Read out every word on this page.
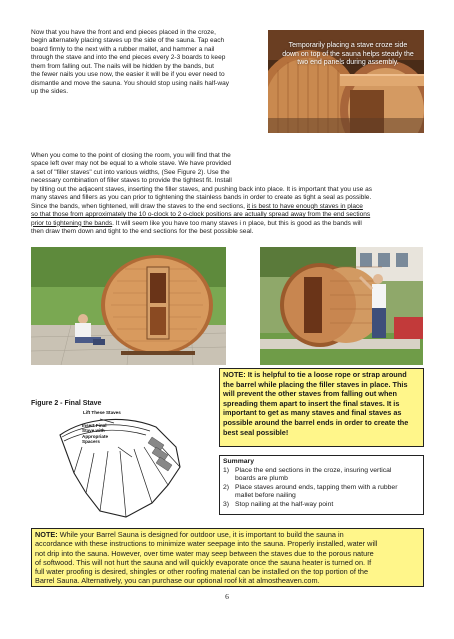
Now that you have the front and end pieces placed in the croze,

begin alternately placing staves up the side of the sauna. Tap each

board firmly to the next with a rubber mallet, and hammer a nail

through the stave and into the end pieces every 2-3 boards to keep

them from falling out. The nails will be hidden by the bands, but

the fewer nails you use now, the easier it will be if you ever need to

dismantle and move the sauna. You should stop using nails half-way

up the sides.

Temporarily placing a stave croze side
down on top of the sauna helps steady the
two end panels during assembly.

When you come to the point of closing the room, you will find that the

space left over may not be equal to a whole stave. We have provided

a set of "filler staves" cut into various widths, (See Figure 2). Use the

necessary combination of filler staves to provide the tightest fit. Install

by tilting out the adjacent staves, inserting the filler staves, and pushing back into place. It is important that you use as

many staves and fillers as you can prior to tightening the stainless bands in order to create as tight a seal as possible.

Since the bands, when tightened, will draw the staves to the end sections, it is best to have enough staves in place

so that those from approximately the 10 o-clock to 2 o-clock positions are actually spread away from the end sections

prior to tightening the bands. It will seem like you have too many staves i n place, but this is good as the bands will

then draw them down and tight to the end sections for the best possible seal.

Figure 2 - Final Stave
Lift These Staves
Insert Final
Stave with
Appropriate
Spacers
NOTE: It is helpful to tie a loose rope or strap around
the barrel while placing the filler staves in place. This
will prevent the other staves from falling out when
spreading them apart to insert the final staves. It is
important to get as many staves and final staves as
possible around the barrel ends in order to create the
best seal possible!
Summary
1) Place the end sections in the croze, insuring vertical
boards are plumb
2) Place staves around ends, tapping them with a rubber
mallet before nailing
3) Stop nailing at the half-way point
NOTE: While your Barrel Sauna is designed for outdoor use, it is important to build the sauna in
accordance with these instructions to minimize water seepage into the sauna. Properly installed, water will
not drip into the sauna. However, over time water may seep between the staves due to the porous nature
of softwood. This will not hurt the sauna and will quickly evaporate once the sauna heater is turned on. If
full water proofing is desired, shingles or other roofing material can be installed on the top portion of the
Barrel Sauna. Alternatively, you can purchase our optional roof kit at almostheaven.com.
6
